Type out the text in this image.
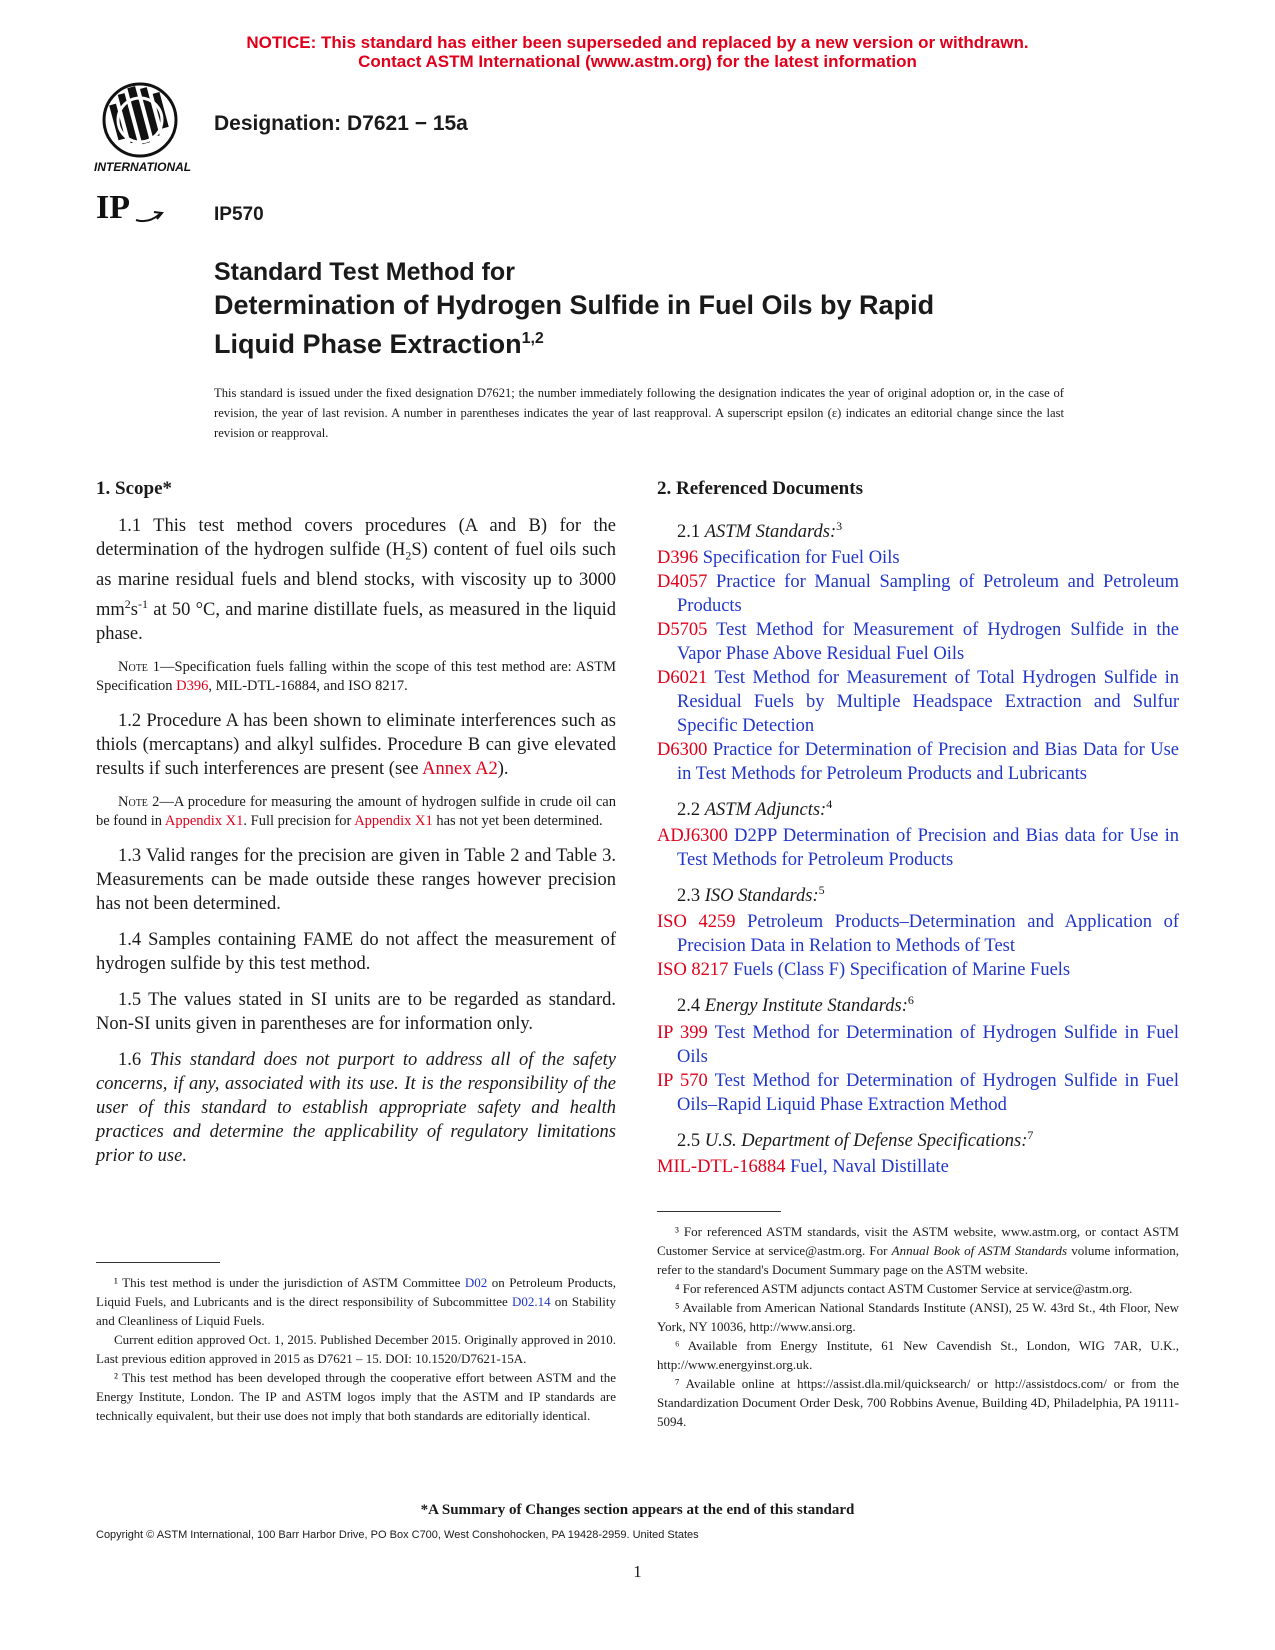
NOTICE: This standard has either been superseded and replaced by a new version or withdrawn.
Contact ASTM International (www.astm.org) for the latest information
INTERNATIONAL
IP
Designation: D7621 − 15a
IP570
Standard Test Method for
Determination of Hydrogen Sulfide in Fuel Oils by Rapid
Liquid Phase Extraction$^{1,2}$
This standard is issued under the fixed designation D7621; the number immediately following the designation indicates the year of original adoption or, in the case of revision, the year of last revision. A number in parentheses indicates the year of last reapproval. A superscript epsilon (ε) indicates an editorial change since the last revision or reapproval.
1. Scope*

1.1 This test method covers procedures (A and B) for the determination of the hydrogen sulfide $(H_2S)$ content of fuel oils such as marine residual fuels and blend stocks, with viscosity up to 3000 $mm^2s^{-1}$ at 50 °C, and marine distillate fuels, as measured in the liquid phase.

Note 1—Specification fuels falling within the scope of this test method are: ASTM Specification D396, MIL-DTL-16884, and ISO 8217.

1.2 Procedure A has been shown to eliminate interferences such as thiols (mercaptans) and alkyl sulfides. Procedure B can give elevated results if such interferences are present (see Annex A2).

Note 2—A procedure for measuring the amount of hydrogen sulfide in crude oil can be found in Appendix X1. Full precision for Appendix X1 has not yet been determined.

1.3 Valid ranges for the precision are given in Table 2 and Table 3. Measurements can be made outside these ranges however precision has not been determined.

1.4 Samples containing FAME do not affect the measurement of hydrogen sulfide by this test method.

1.5 The values stated in SI units are to be regarded as standard. Non-SI units given in parentheses are for information only.

1.6 This standard does not purport to address all of the safety concerns, if any, associated with its use. It is the responsibility of the user of this standard to establish appropriate safety and health practices and determine the applicability of regulatory limitations prior to use.

2. Referenced Documents
2.1 ASTM Standards:$^3$

D396 Specification for Fuel Oils

D4057 Practice for Manual Sampling of Petroleum and Petroleum Products

D5705 Test Method for Measurement of Hydrogen Sulfide in the Vapor Phase Above Residual Fuel Oils

D6021 Test Method for Measurement of Total Hydrogen Sulfide in Residual Fuels by Multiple Headspace Extraction and Sulfur Specific Detection

D6300 Practice for Determination of Precision and Bias Data for Use in Test Methods for Petroleum Products and Lubricants

2.2 ASTM Adjuncts:$^4$

ADJ6300 D2PP Determination of Precision and Bias data for Use in Test Methods for Petroleum Products

2.3 ISO Standards:$^5$

ISO 4259 Petroleum Products–Determination and Application of Precision Data in Relation to Methods of Test

ISO 8217 Fuels (Class F) Specification of Marine Fuels

2.4 Energy Institute Standards:$^6$

IP 399 Test Method for Determination of Hydrogen Sulfide in Fuel Oils

IP 570 Test Method for Determination of Hydrogen Sulfide in Fuel Oils–Rapid Liquid Phase Extraction Method

2.5 U.S. Department of Defense Specifications:$^7$

MIL-DTL-16884 Fuel, Naval Distillate

¹ This test method is under the jurisdiction of ASTM Committee D02 on Petroleum Products, Liquid Fuels, and Lubricants and is the direct responsibility of Subcommittee D02.14 on Stability and Cleanliness of Liquid Fuels.

Current edition approved Oct. 1, 2015. Published December 2015. Originally approved in 2010. Last previous edition approved in 2015 as D7621 – 15. DOI: 10.1520/D7621-15A.

² This test method has been developed through the cooperative effort between ASTM and the Energy Institute, London. The IP and ASTM logos imply that the ASTM and IP standards are technically equivalent, but their use does not imply that both standards are editorially identical.

³ For referenced ASTM standards, visit the ASTM website, www.astm.org, or contact ASTM Customer Service at service@astm.org. For Annual Book of ASTM Standards volume information, refer to the standard's Document Summary page on the ASTM website.

⁴ For referenced ASTM adjuncts contact ASTM Customer Service at service@astm.org.

⁵ Available from American National Standards Institute (ANSI), 25 W. 43rd St., 4th Floor, New York, NY 10036, http://www.ansi.org.

⁶ Available from Energy Institute, 61 New Cavendish St., London, WIG 7AR, U.K., http://www.energyinst.org.uk.

⁷ Available online at https://assist.dla.mil/quicksearch/ or http://assistdocs.com/ or from the Standardization Document Order Desk, 700 Robbins Avenue, Building 4D, Philadelphia, PA 19111-5094.

*A Summary of Changes section appears at the end of this standard
Copyright © ASTM International, 100 Barr Harbor Drive, PO Box C700, West Conshohocken, PA 19428-2959. United States
1
